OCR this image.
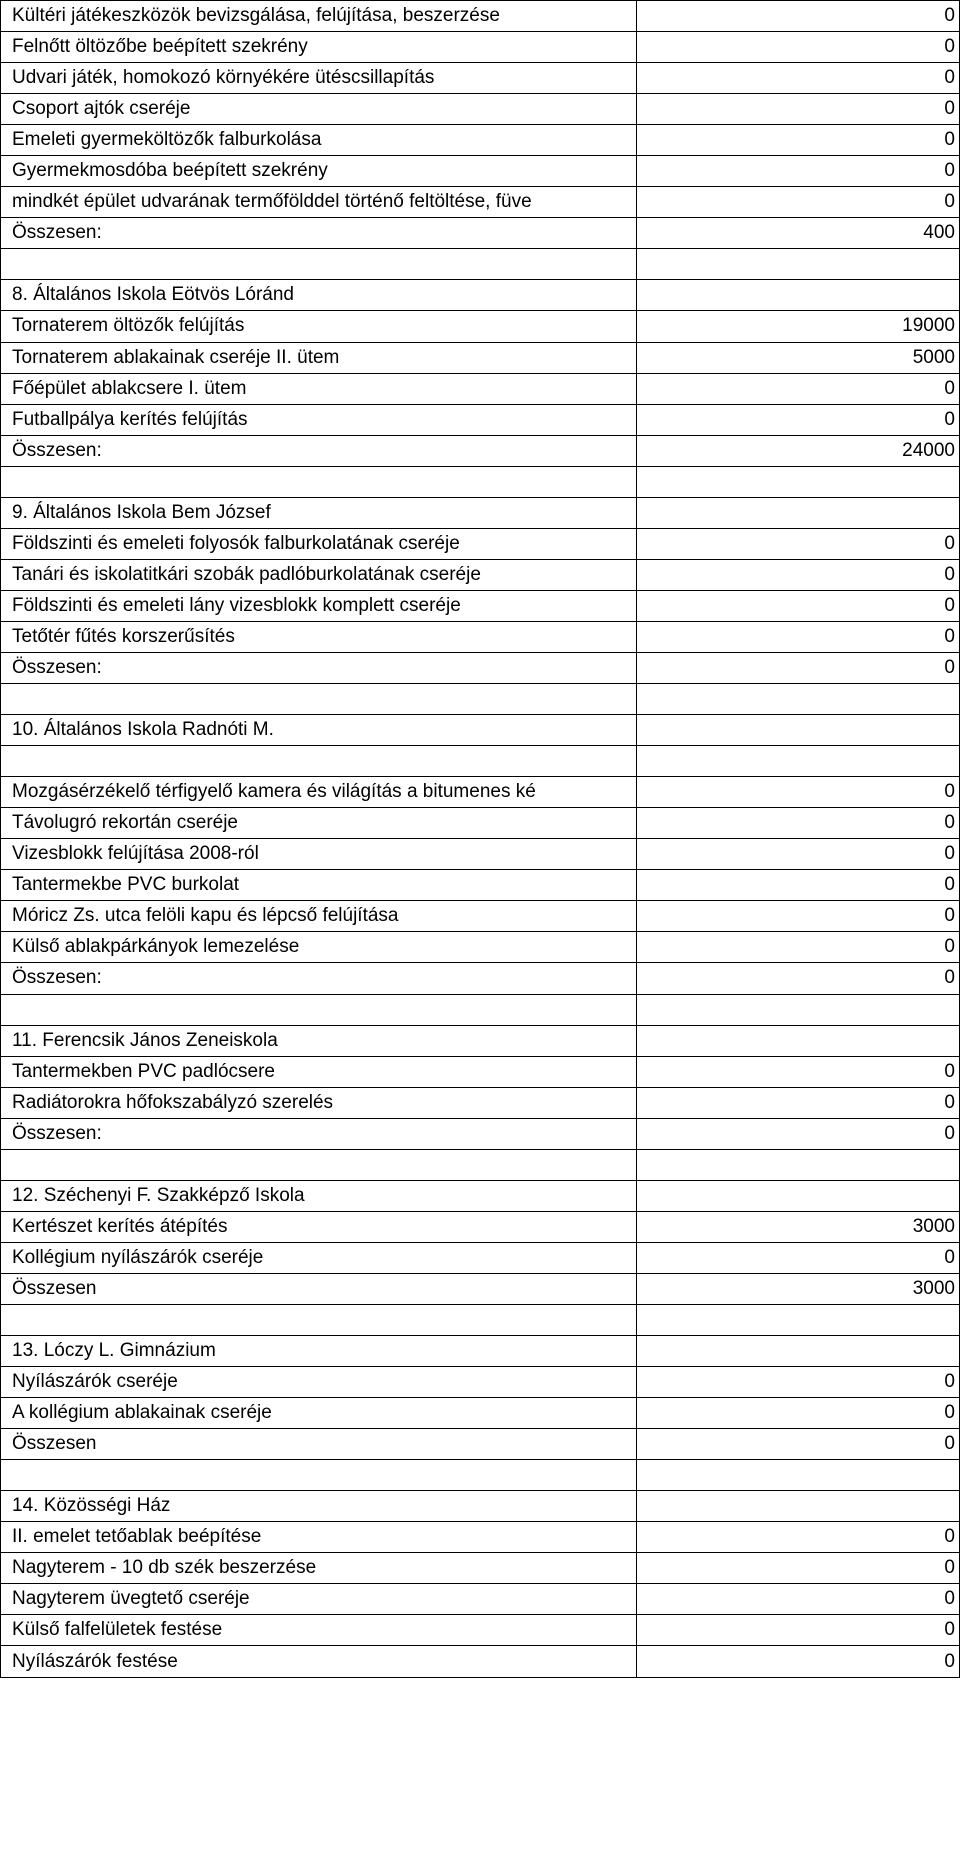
Kültéri játékeszközök bevizsgálása, felújítása, beszerzése	0
Felnőtt öltözőbe beépített szekrény	0
Udvari játék, homokozó környékére ütéscsillapítás	0
Csoport ajtók cseréje	0
Emeleti gyermeköltözők falburkolása	0
Gyermekmosdóba beépített szekrény	0
mindkét épület udvarának termőfölddel történő feltöltése, füve	0
Összesen:	400

8. Általános Iskola Eötvös Lóránd	
Tornaterem öltözők felújítás	19000
Tornaterem ablakainak cseréje II. ütem	5000
Főépület ablakcsere I. ütem	0
Futballpálya kerítés felújítás	0
Összesen:	24000

9. Általános Iskola Bem József	
Földszinti és emeleti folyosók falburkolatának cseréje	0
Tanári és iskolatitkári szobák padlóburkolatának cseréje	0
Földszinti és emeleti lány vizesblokk komplett cseréje	0
Tetőtér fűtés korszerűsítés	0
Összesen:	0

10. Általános Iskola Radnóti M.	

Mozgásérzékelő térfigyelő kamera és világítás a bitumenes ké	0
Távolugró rekortán cseréje	0
Vizesblokk felújítása 2008-ról	0
Tantermekbe PVC burkolat	0
Móricz Zs. utca felöli kapu és lépcső felújítása	0
Külső ablakpárkányok lemezelése	0
Összesen:	0

11. Ferencsik János Zeneiskola	
Tantermekben PVC padlócsere	0
Radiátorokra hőfokszabályzó szerelés	0
Összesen:	0

12. Széchenyi F. Szakképző Iskola	
Kertészet kerítés átépítés	3000
Kollégium nyílászárók cseréje	0
Összesen	3000

13. Lóczy L. Gimnázium	
Nyílászárók cseréje	0
A kollégium ablakainak cseréje	0
Összesen	0

14. Közösségi Ház	
II. emelet tetőablak beépítése	0
Nagyterem - 10 db szék beszerzése	0
Nagyterem üvegtető cseréje	0
Külső falfelületek festése	0
Nyílászárók festése	0
